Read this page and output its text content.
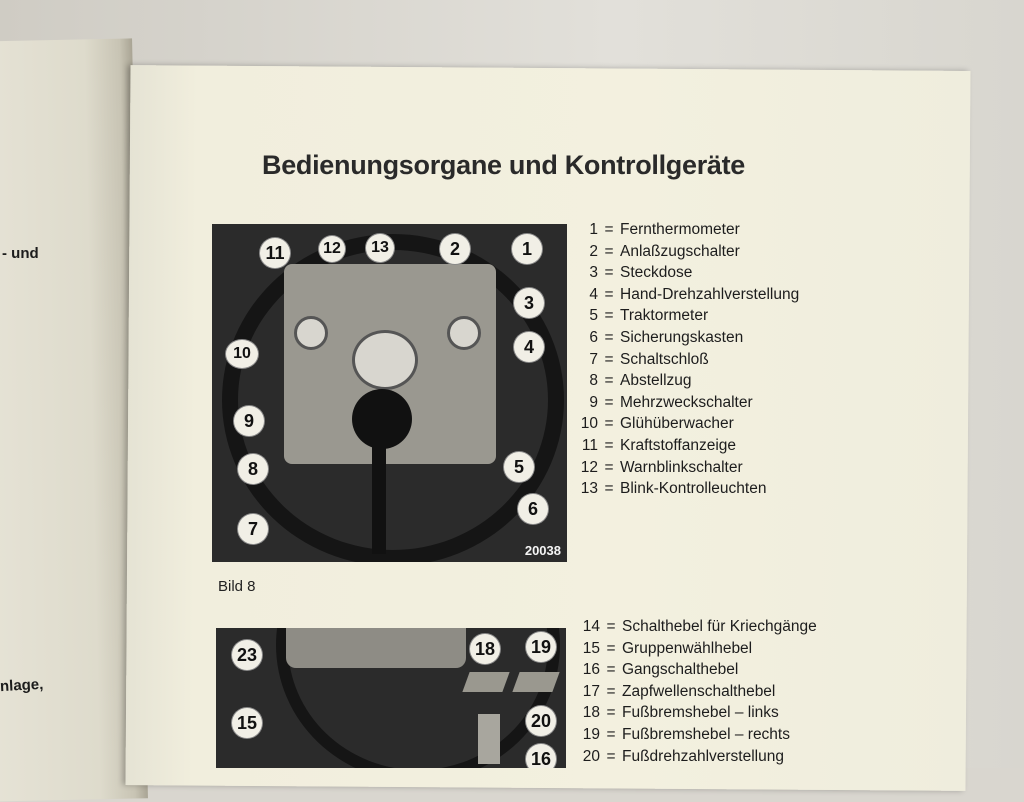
- und
nlage,
Bedienungsorgane und Kontrollgeräte
11	12	13	2	1
3
4
10
9
8
7
5
6
20038
Bild 8
1 = Fernthermometer
2 = Anlaßzugschalter
3 = Steckdose
4 = Hand-Drehzahlverstellung
5 = Traktormeter
6 = Sicherungskasten
7 = Schaltschloß
8 = Abstellzug
9 = Mehrzweckschalter
10 = Glühüberwacher
11 = Kraftstoffanzeige
12 = Warnblinkschalter
13 = Blink-Kontrolleuchten
23	18 19
15	20
16
14 = Schalthebel für Kriechgänge
15 = Gruppenwählhebel
16 = Gangschalthebel
17 = Zapfwellenschalthebel
18 = Fußbremshebel – links
19 = Fußbremshebel – rechts
20 = Fußdrehzahlverstellung
